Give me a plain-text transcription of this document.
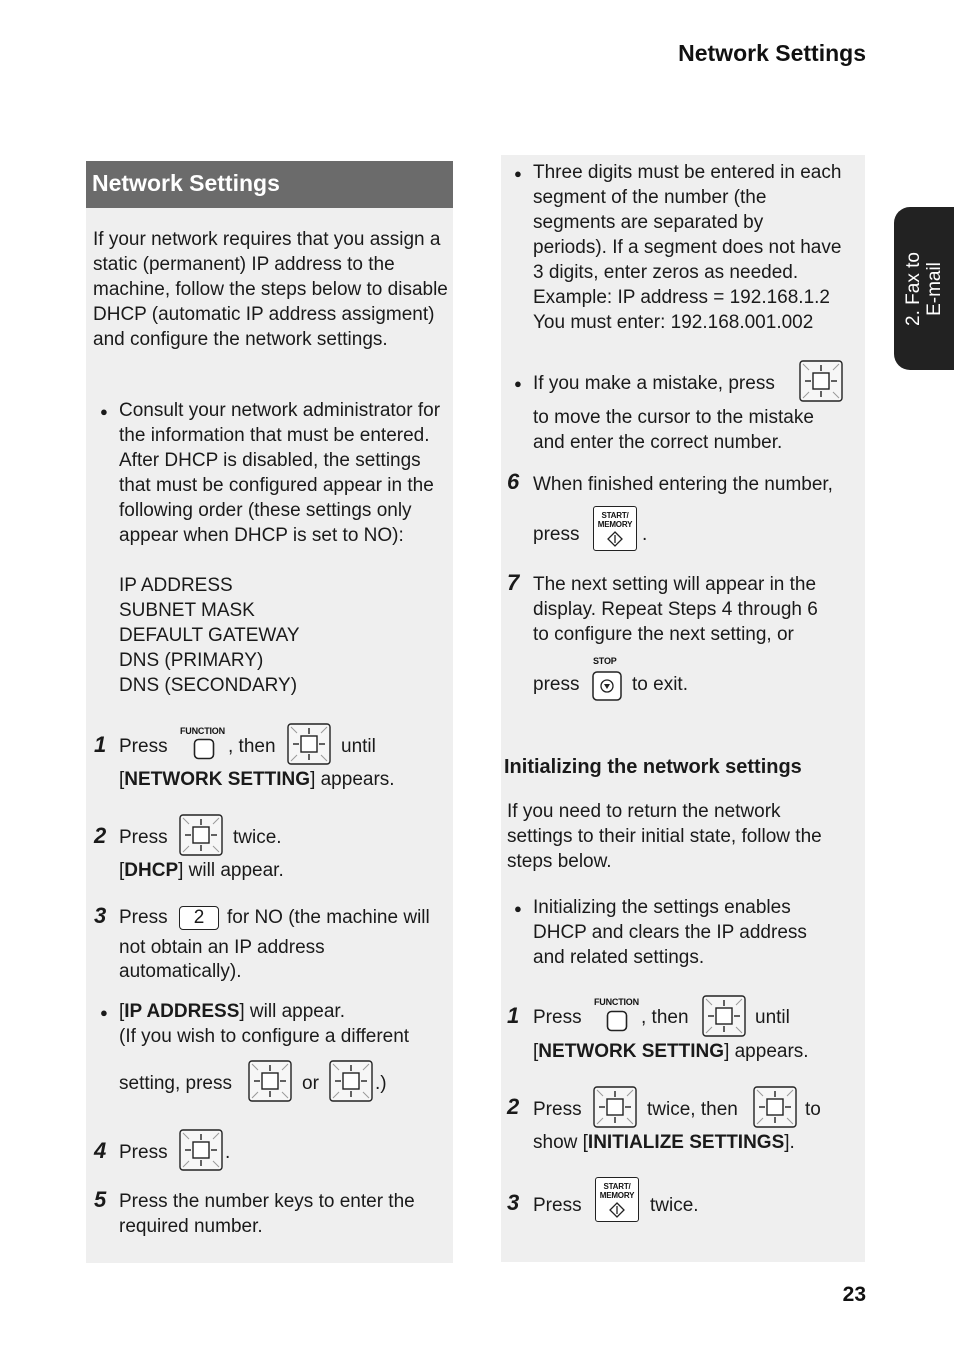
Network Settings
23
2. Fax to
E-mail
Network Settings
If your network requires that you assign a static (permanent) IP address to the machine, follow the steps below to disable DHCP (automatic IP address assigment) and configure the network settings.
● Consult your network administrator for the information that must be entered. After DHCP is disabled, the settings that must be configured appear in the following order (these settings only appear when DHCP is set to NO):
IP ADDRESS
SUBNET MASK
DEFAULT GATEWAY
DNS (PRIMARY)
DNS (SECONDARY)
1 Press
FUNCTION
, then	until
[NETWORK SETTING] appears.
2 Press	twice.
[DHCP] will appear.
3 Press	2	for NO (the machine will
not obtain an IP address
automatically).
● [IP ADDRESS] will appear.
(If you wish to configure a different
setting, press	or	.)
4 Press	.
5 Press the number keys to enter the
required number.
● Three digits must be entered in each
segment of the number (the
segments are separated by
periods). If a segment does not have
3 digits, enter zeros as needed.
Example: IP address = 192.168.1.2
You must enter: 192.168.001.002
● If you make a mistake, press
to move the cursor to the mistake
and enter the correct number.
6 When finished entering the number,
press
START/
MEMORY .
7 The next setting will appear in the
display. Repeat Steps 4 through 6
to configure the next setting, or
press
STOP
to exit.
Initializing the network settings
If you need to return the network
settings to their initial state, follow the
steps below.
● Initializing the settings enables
DHCP and clears the IP address
and related settings.
1 Press
FUNCTION
, then	until
[NETWORK SETTING] appears.
2 Press	twice, then	to
show [INITIALIZE SETTINGS].
3 Press
START/
MEMORY twice.
